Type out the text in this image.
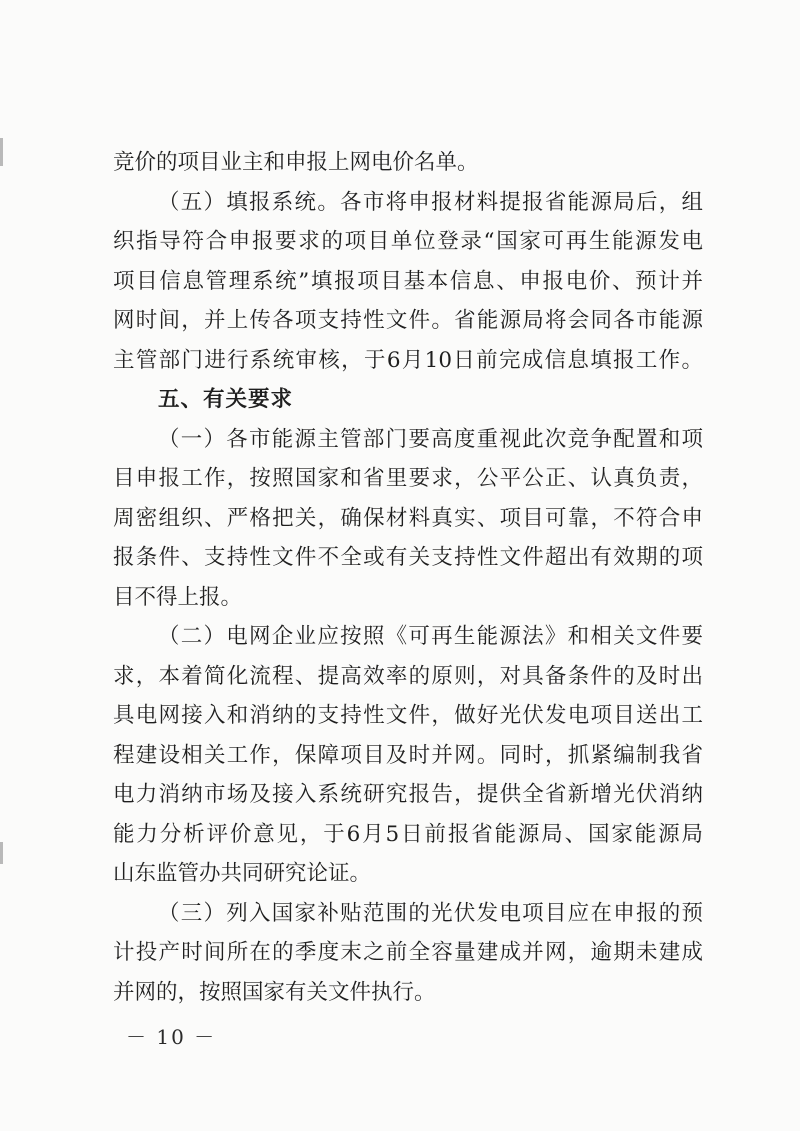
竞价的项目业主和申报上网电价名单。
（五）填报系统。各市将申报材料提报省能源局后，组
织指导符合申报要求的项目单位登录“国家可再生能源发电
项目信息管理系统”填报项目基本信息、申报电价、预计并
网时间，并上传各项支持性文件。省能源局将会同各市能源
主管部门进行系统审核，于6月10日前完成信息填报工作。
五、有关要求
（一）各市能源主管部门要高度重视此次竞争配置和项
目申报工作，按照国家和省里要求，公平公正、认真负责，
周密组织、严格把关，确保材料真实、项目可靠，不符合申
报条件、支持性文件不全或有关支持性文件超出有效期的项
目不得上报。
（二）电网企业应按照《可再生能源法》和相关文件要
求，本着简化流程、提高效率的原则，对具备条件的及时出
具电网接入和消纳的支持性文件，做好光伏发电项目送出工
程建设相关工作，保障项目及时并网。同时，抓紧编制我省
电力消纳市场及接入系统研究报告，提供全省新增光伏消纳
能力分析评价意见，于6月5日前报省能源局、国家能源局
山东监管办共同研究论证。
（三）列入国家补贴范围的光伏发电项目应在申报的预
计投产时间所在的季度末之前全容量建成并网，逾期未建成
并网的，按照国家有关文件执行。
－ 10 －
